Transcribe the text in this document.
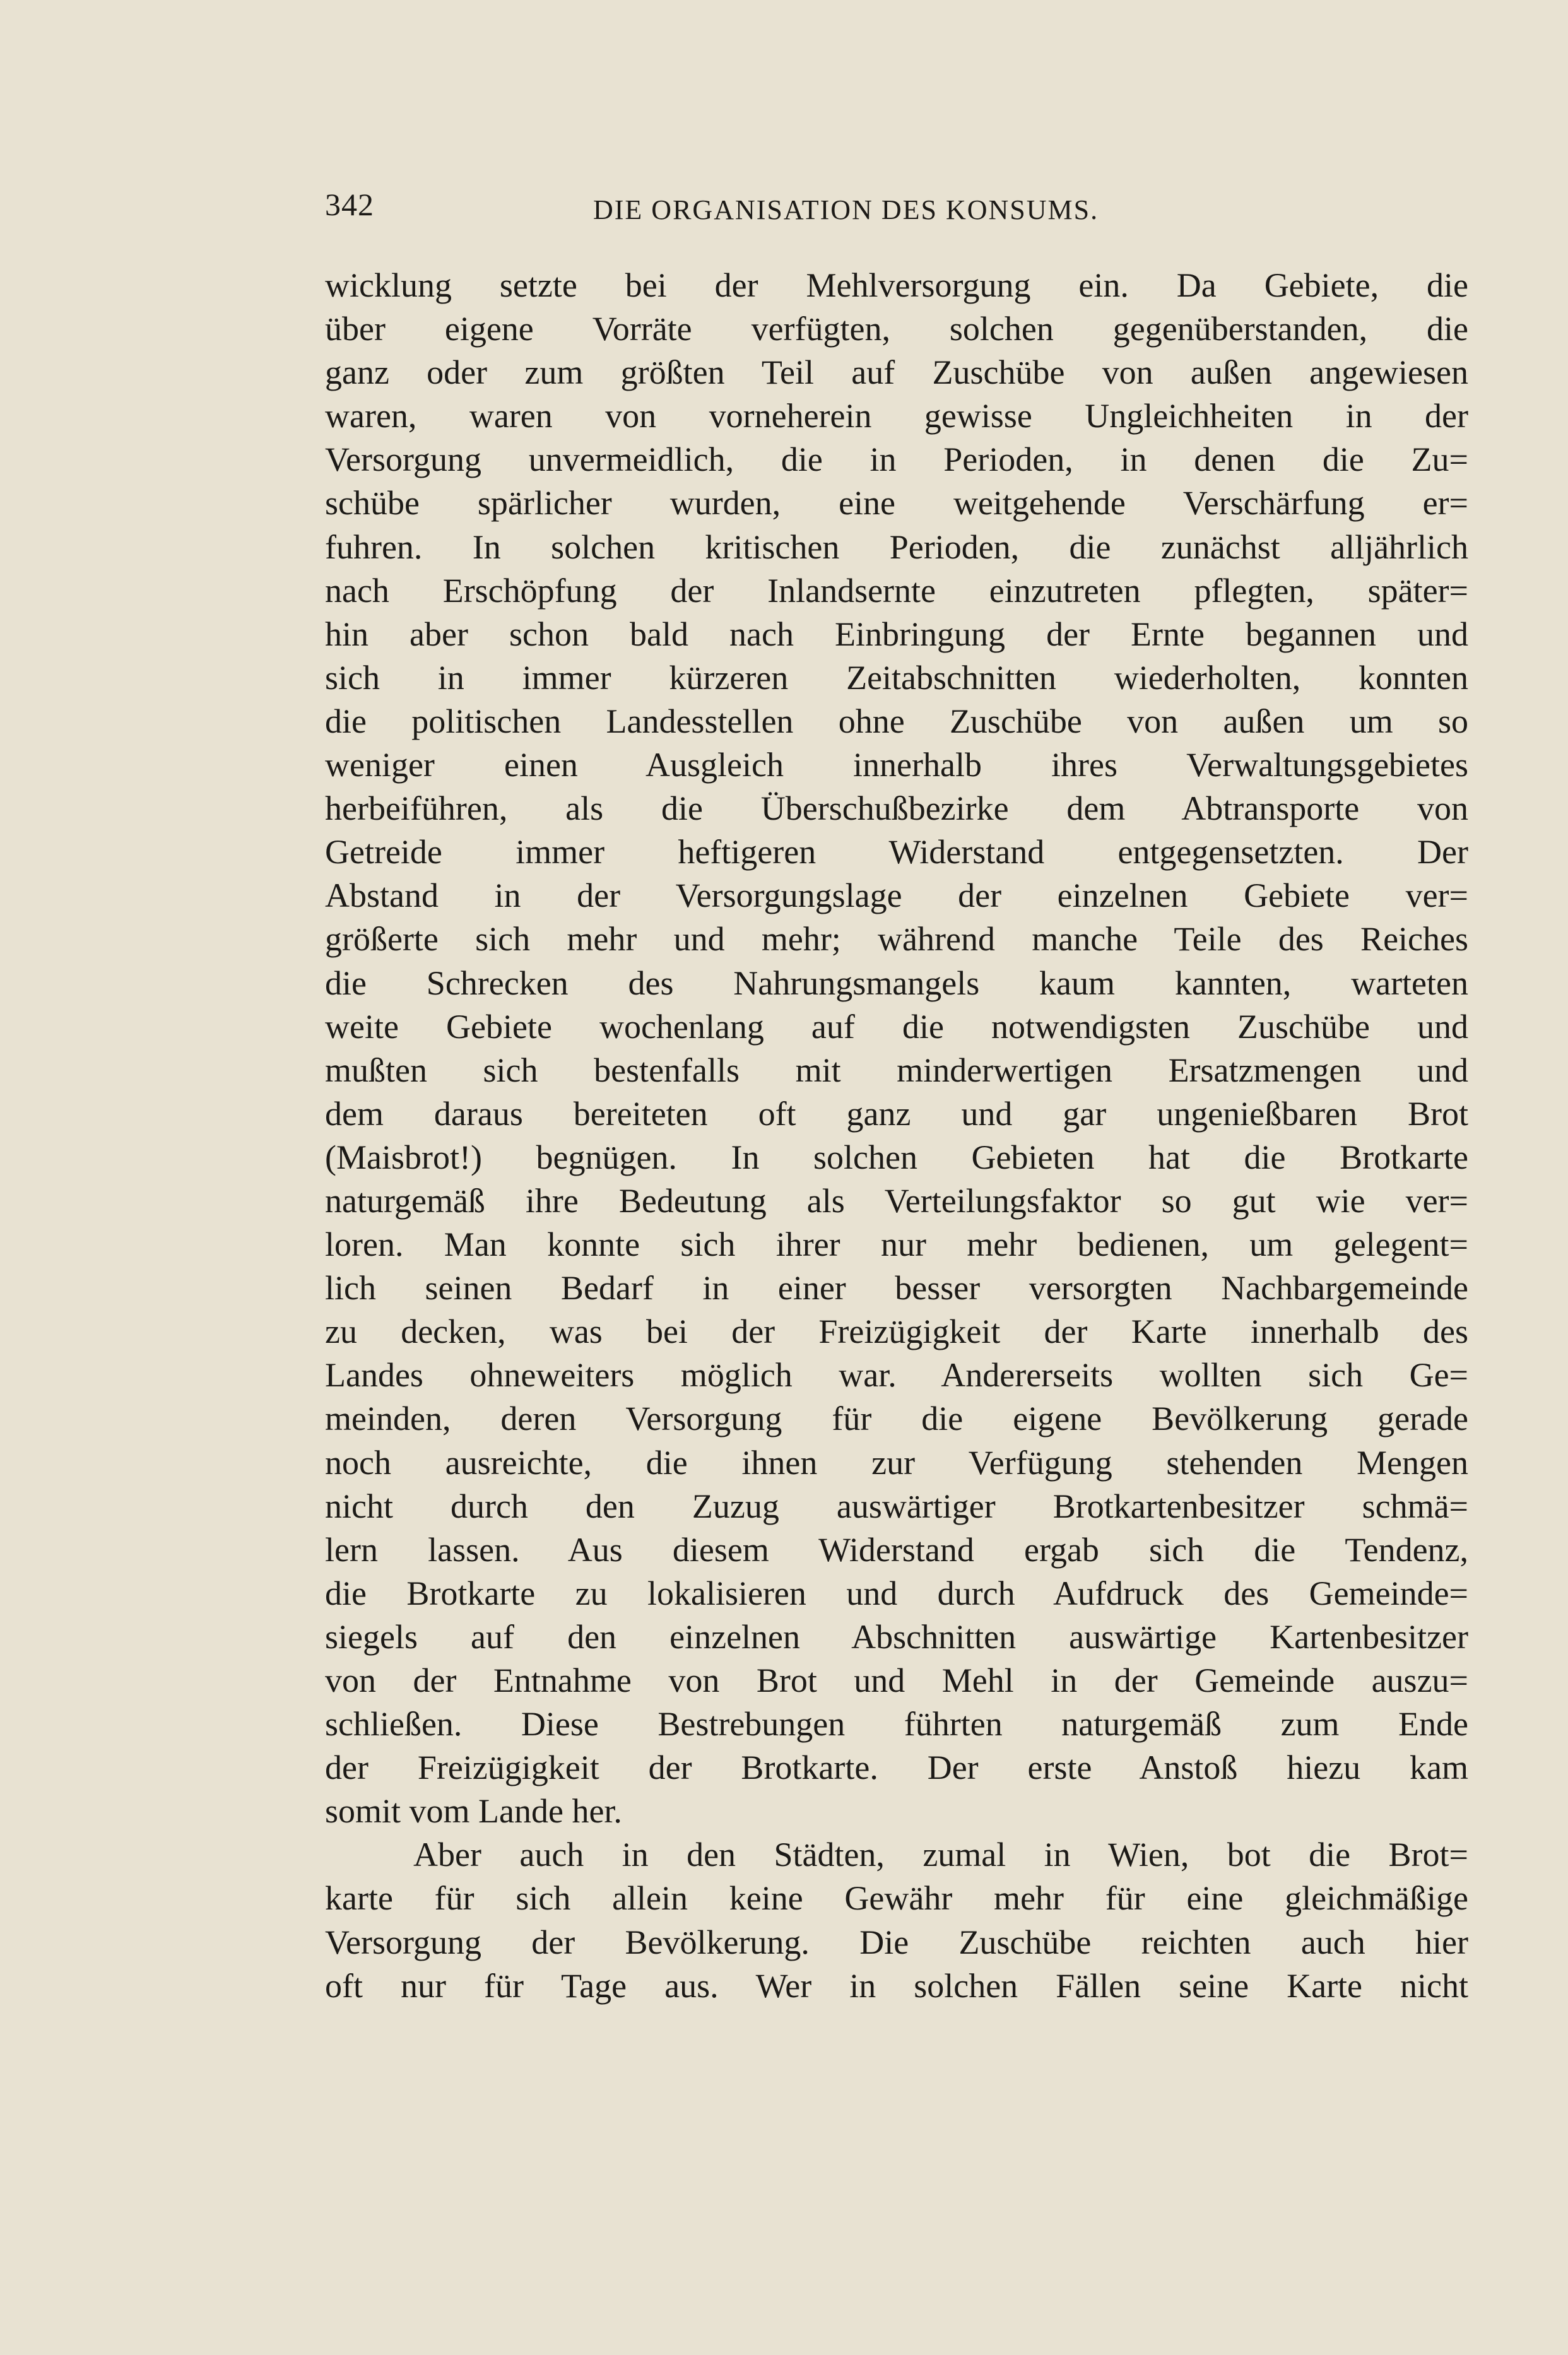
342	DIE ORGANISATION DES KONSUMS.
wicklung setzte bei der Mehlversorgung ein. Da Gebiete, die
über eigene Vorräte verfügten, solchen gegenüberstanden, die
ganz oder zum größten Teil auf Zuschübe von außen angewiesen
waren, waren von vorneherein gewisse Ungleichheiten in der
Versorgung unvermeidlich, die in Perioden, in denen die Zu=
schübe spärlicher wurden, eine weitgehende Verschärfung er=
fuhren. In solchen kritischen Perioden, die zunächst alljährlich
nach Erschöpfung der Inlandsernte einzutreten pflegten, später=
hin aber schon bald nach Einbringung der Ernte begannen und
sich in immer kürzeren Zeitabschnitten wiederholten, konnten
die politischen Landesstellen ohne Zuschübe von außen um so
weniger einen Ausgleich innerhalb ihres Verwaltungsgebietes
herbeiführen, als die Überschußbezirke dem Abtransporte von
Getreide immer heftigeren Widerstand entgegensetzten. Der
Abstand in der Versorgungslage der einzelnen Gebiete ver=
größerte sich mehr und mehr; während manche Teile des Reiches
die Schrecken des Nahrungsmangels kaum kannten, warteten
weite Gebiete wochenlang auf die notwendigsten Zuschübe und
mußten sich bestenfalls mit minderwertigen Ersatzmengen und
dem daraus bereiteten oft ganz und gar ungenießbaren Brot
(Maisbrot!) begnügen. In solchen Gebieten hat die Brotkarte
naturgemäß ihre Bedeutung als Verteilungsfaktor so gut wie ver=
loren. Man konnte sich ihrer nur mehr bedienen, um gelegent=
lich seinen Bedarf in einer besser versorgten Nachbargemeinde
zu decken, was bei der Freizügigkeit der Karte innerhalb des
Landes ohneweiters möglich war. Andererseits wollten sich Ge=
meinden, deren Versorgung für die eigene Bevölkerung gerade
noch ausreichte, die ihnen zur Verfügung stehenden Mengen
nicht durch den Zuzug auswärtiger Brotkartenbesitzer schmä=
lern lassen. Aus diesem Widerstand ergab sich die Tendenz,
die Brotkarte zu lokalisieren und durch Aufdruck des Gemeinde=
siegels auf den einzelnen Abschnitten auswärtige Kartenbesitzer
von der Entnahme von Brot und Mehl in der Gemeinde auszu=
schließen. Diese Bestrebungen führten naturgemäß zum Ende
der Freizügigkeit der Brotkarte. Der erste Anstoß hiezu kam
somit vom Lande her.
Aber auch in den Städten, zumal in Wien, bot die Brot=
karte für sich allein keine Gewähr mehr für eine gleichmäßige
Versorgung der Bevölkerung. Die Zuschübe reichten auch hier
oft nur für Tage aus. Wer in solchen Fällen seine Karte nicht
